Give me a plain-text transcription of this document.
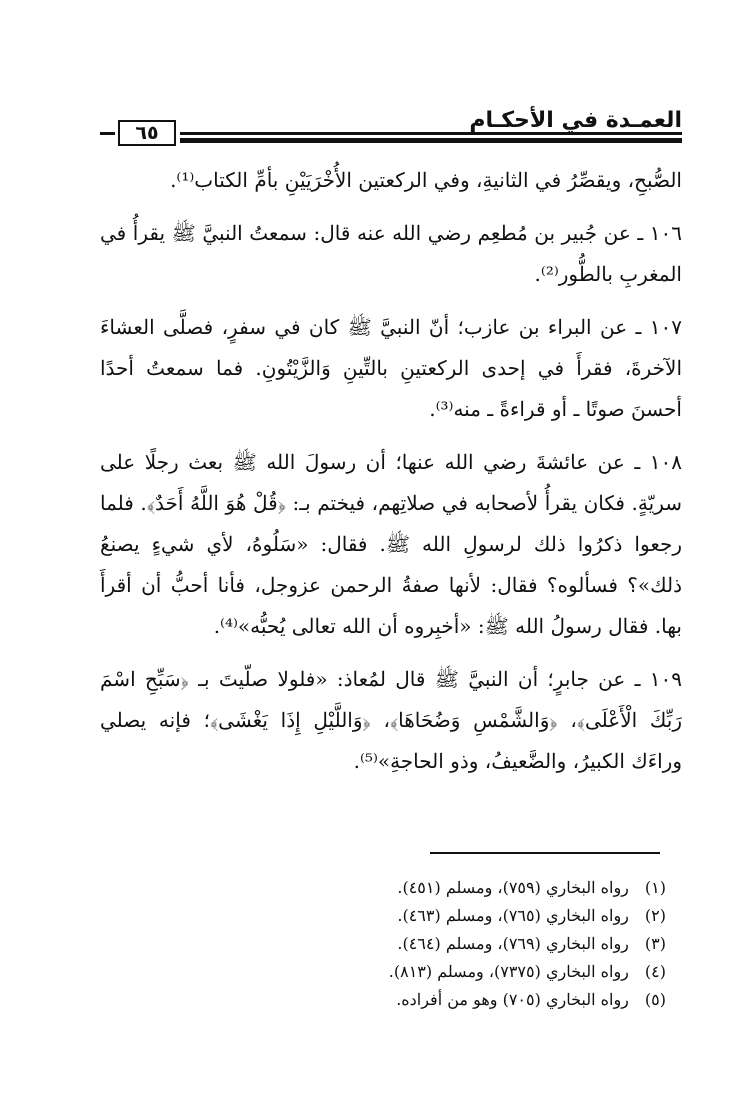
٦٥	العمـدة في الأحكـام

الصُّبحِ، ويقصِّرُ في الثانيةِ، وفي الركعتين الأُخْرَيَيْنِ بأمِّ الكتاب⁽¹⁾.

١٠٦ ـ عن جُبير بن مُطعِم رضي الله عنه قال: سمعتُ النبيَّ ﷺ يقرأُ في المغربِ بالطُّور⁽²⁾.

١٠٧ ـ عن البراء بن عازب؛ أنّ النبيَّ ﷺ كان في سفرٍ، فصلَّى العشاءَ الآخرةَ، فقرأَ في إحدى الركعتينِ بالتِّينِ وَالزَّيْتُونِ. فما سمعتُ أحدًا أحسنَ صوتًا ـ أو قراءةً ـ منه⁽³⁾.

١٠٨ ـ عن عائشةَ رضي الله عنها؛ أن رسولَ الله ﷺ بعث رجلًا على سريّةٍ. فكان يقرأُ لأصحابه في صلاتِهم، فيختم بـ: ﴿قُلْ هُوَ اللَّهُ أَحَدٌ﴾. فلما رجعوا ذكرُوا ذلك لرسولِ الله ﷺ. فقال: «سَلُوهُ، لأي شيءٍ يصنعُ ذلك»؟ فسألوه؟ فقال: لأنها صفةُ الرحمن عزوجل، فأنا أحبُّ أن أقرأَ بها. فقال رسولُ الله ﷺ: «أخبِروه أن الله تعالى يُحبُّه»⁽⁴⁾.

١٠٩ ـ عن جابرٍ؛ أن النبيَّ ﷺ قال لمُعاذ: «فلولا صلّيتَ بـ ﴿سَبِّحِ اسْمَ رَبِّكَ الْأَعْلَى﴾، ﴿وَالشَّمْسِ وَضُحَاهَا﴾، ﴿وَاللَّيْلِ إِذَا يَغْشَى﴾؛ فإنه يصلي وراءَك الكبيرُ، والضَّعيفُ، وذو الحاجةِ»⁽⁵⁾.

(١) رواه البخاري (٧٥٩)، ومسلم (٤٥١).
(٢) رواه البخاري (٧٦٥)، ومسلم (٤٦٣).
(٣) رواه البخاري (٧٦٩)، ومسلم (٤٦٤).
(٤) رواه البخاري (٧٣٧٥)، ومسلم (٨١٣).
(٥) رواه البخاري (٧٠٥) وهو من أفراده.
